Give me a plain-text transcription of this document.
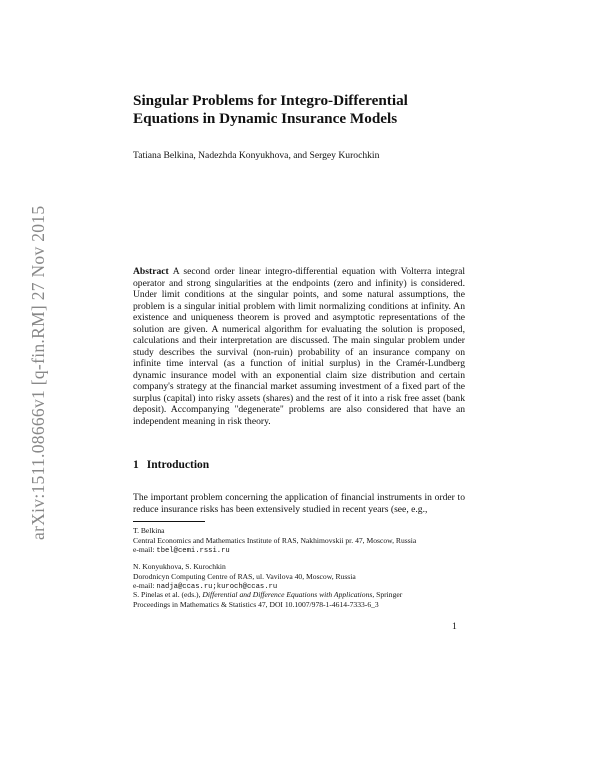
arXiv:1511.08666v1 [q-fin.RM] 27 Nov 2015
Singular Problems for Integro-Differential
Equations in Dynamic Insurance Models
Tatiana Belkina, Nadezhda Konyukhova, and Sergey Kurochkin

Abstract A second order linear integro-differential equation with Volterra integral operator and strong singularities at the endpoints (zero and infinity) is considered. Under limit conditions at the singular points, and some natural assumptions, the problem is a singular initial problem with limit normalizing conditions at infinity. An existence and uniqueness theorem is proved and asymptotic representations of the solution are given. A numerical algorithm for evaluating the solution is proposed, calculations and their interpretation are discussed. The main singular problem under study describes the survival (non-ruin) probability of an insurance company on infinite time interval (as a function of initial surplus) in the Cramér-Lundberg dynamic insurance model with an exponential claim size distribution and certain company's strategy at the financial market assuming investment of a fixed part of the surplus (capital) into risky assets (shares) and the rest of it into a risk free asset (bank deposit). Accompanying "degenerate" problems are also considered that have an independent meaning in risk theory.

1 Introduction

The important problem concerning the application of financial instruments in order to reduce insurance risks has been extensively studied in recent years (see, e.g.,

T. Belkina
Central Economics and Mathematics Institute of RAS, Nakhimovskii pr. 47, Moscow, Russia
e-mail: tbel@cemi.rssi.ru
N. Konyukhova, S. Kurochkin
Dorodnicyn Computing Centre of RAS, ul. Vavilova 40, Moscow, Russia
e-mail: nadja@ccas.ru;kuroch@ccas.ru
S. Pinelas et al. (eds.), Differential and Difference Equations with Applications, Springer
Proceedings in Mathematics & Statistics 47, DOI 10.1007/978-1-4614-7333-6_3
1
